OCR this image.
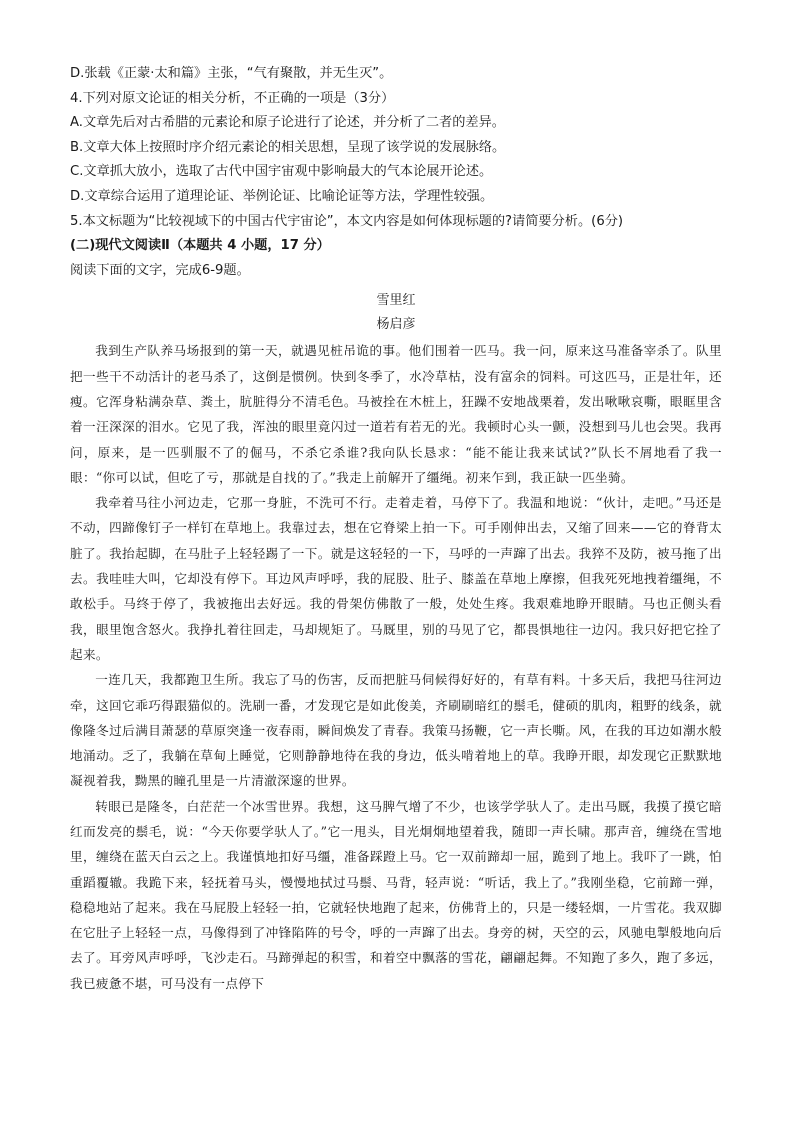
D.张载《正蒙·太和篇》主张，“气有聚散，并无生灭”。

4.下列对原文论证的相关分析，不正确的一项是（3分）

A.文章先后对古希腊的元素论和原子论进行了论述，并分析了二者的差异。

B.文章大体上按照时序介绍元素论的相关思想，呈现了该学说的发展脉络。

C.文章抓大放小，选取了古代中国宇宙观中影响最大的气本论展开论述。

D.文章综合运用了道理论证、举例论证、比喻论证等方法，学理性较强。

5.本文标题为“比较视域下的中国古代宇宙论”，本文内容是如何体现标题的?请简要分析。(6分)

(二)现代文阅读Ⅱ（本题共 4 小题，17 分）

阅读下面的文字，完成6-9题。

雪里红
杨启彦

我到生产队养马场报到的第一天，就遇见桩吊诡的事。他们围着一匹马。我一问，原来这马准备宰杀了。队里把一些干不动活计的老马杀了，这倒是惯例。快到冬季了，水冷草枯，没有富余的饲料。可这匹马，正是壮年，还瘦。它浑身粘满杂草、粪土，肮脏得分不清毛色。马被拴在木桩上，狂躁不安地战栗着，发出啾啾哀嘶，眼眶里含着一汪深深的泪水。它见了我，浑浊的眼里竟闪过一道若有若无的光。我顿时心头一颤，没想到马儿也会哭。我再问，原来，是一匹驯服不了的倔马，不杀它杀谁?我向队长恳求：“能不能让我来试试?”队长不屑地看了我一眼：“你可以试，但吃了亏，那就是自找的了。”我走上前解开了缰绳。初来乍到，我正缺一匹坐骑。

我牵着马往小河边走，它那一身脏，不洗可不行。走着走着，马停下了。我温和地说：“伙计，走吧。”马还是不动，四蹄像钉子一样钉在草地上。我靠过去，想在它脊梁上拍一下。可手刚伸出去，又缩了回来——它的脊背太脏了。我抬起脚，在马肚子上轻轻踢了一下。就是这轻轻的一下，马呼的一声蹿了出去。我猝不及防，被马拖了出去。我哇哇大叫，它却没有停下。耳边风声呼呼，我的屁股、肚子、膝盖在草地上摩擦，但我死死地拽着缰绳，不敢松手。马终于停了，我被拖出去好远。我的骨架仿佛散了一般，处处生疼。我艰难地睁开眼睛。马也正侧头看我，眼里饱含怒火。我挣扎着往回走，马却规矩了。马厩里，别的马见了它，都畏惧地往一边闪。我只好把它拴了起来。

一连几天，我都跑卫生所。我忘了马的伤害，反而把脏马伺候得好好的，有草有料。十多天后，我把马往河边牵，这回它乖巧得跟猫似的。洗刷一番，才发现它是如此俊美，齐刷刷暗红的鬃毛，健硕的肌肉，粗野的线条，就像隆冬过后满目萧瑟的草原突逢一夜春雨，瞬间焕发了青春。我策马扬鞭，它一声长嘶。风，在我的耳边如潮水般地涌动。乏了，我躺在草甸上睡觉，它则静静地待在我的身边，低头啃着地上的草。我睁开眼，却发现它正默默地凝视着我，黝黑的瞳孔里是一片清澈深邃的世界。

转眼已是隆冬，白茫茫一个冰雪世界。我想，这马脾气增了不少，也该学学驮人了。走出马厩，我摸了摸它暗红而发亮的鬃毛，说：“今天你要学驮人了。”它一甩头，目光炯炯地望着我，随即一声长啸。那声音，缠绕在雪地里，缠绕在蓝天白云之上。我谨慎地扣好马缰，准备踩蹬上马。它一双前蹄却一屈，跪到了地上。我吓了一跳，怕重蹈覆辙。我跪下来，轻抚着马头，慢慢地拭过马鬃、马背，轻声说：“听话，我上了。”我刚坐稳，它前蹄一弹，稳稳地站了起来。我在马屁股上轻轻一拍，它就轻快地跑了起来，仿佛背上的，只是一缕轻烟，一片雪花。我双脚在它肚子上轻轻一点，马像得到了冲锋陷阵的号令，呼的一声蹿了出去。身旁的树，天空的云，风驰电掣般地向后去了。耳旁风声呼呼，飞沙走石。马蹄弹起的积雪，和着空中飘落的雪花，翩翩起舞。不知跑了多久，跑了多远，我已疲惫不堪，可马没有一点停下
